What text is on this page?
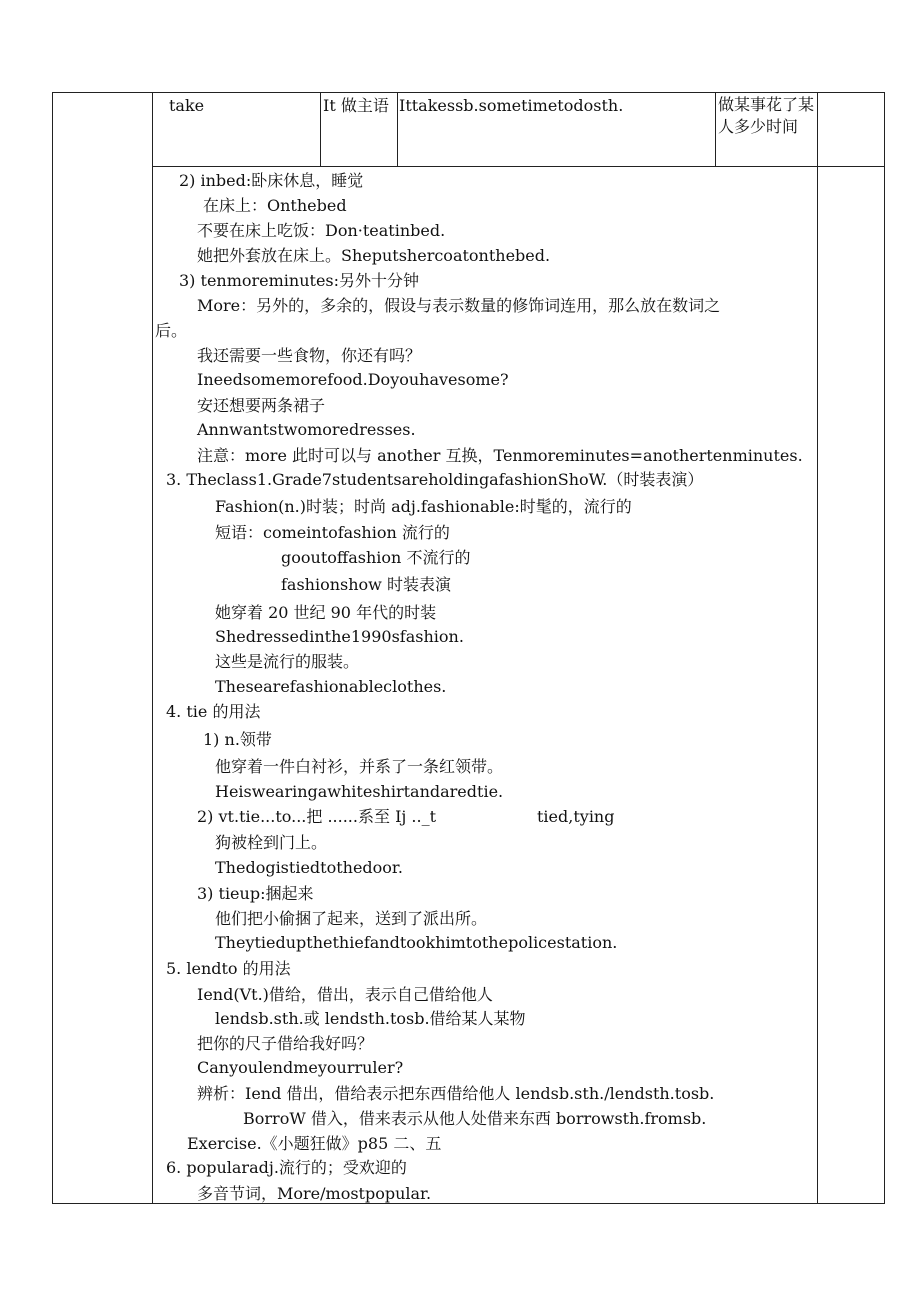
take	It 做主语 Ittakessb.sometimetodosth.	做某事花了某人多少时间
2) inbed:卧床休息，睡觉
在床上：Onthebed
不要在床上吃饭：Don·teatinbed.
她把外套放在床上。Sheputshercoatonthebed.
3) tenmoreminutes:另外十分钟
More：另外的，多余的，假设与表示数量的修饰词连用，那么放在数词之
后。
我还需要一些食物，你还有吗？
Ineedsomemorefood.Doyouhavesome?
安还想要两条裙子
Annwantstwomoredresses.
注意：more 此时可以与 another 互换，Tenmoreminutes=anothertenminutes.
3. Theclass1.Grade7studentsareholdingafashionShoW.（时装表演）
Fashion(n.)时装；时尚 adj.fashionable:时髦的，流行的
短语：comeintofashion 流行的
gooutoffashion 不流行的
fashionshow 时装表演
她穿着 20 世纪 90 年代的时装
Shedressedinthe1990sfashion.
这些是流行的服装。
Thesearefashionableclothes.
4. tie 的用法
1) n.领带
他穿着一件白衬衫，并系了一条红领带。
Heiswearingawhiteshirtandaredtie.
2) vt.tie...to...把 ......系至 Ij .._t	tied,tying
狗被栓到门上。
Thedogistiedtothedoor.
3) tieup:捆起来
他们把小偷捆了起来，送到了派出所。
Theytiedupthethiefandtookhimtothepolicestation.
5. lendto 的用法
Iend(Vt.)借给，借出，表示自己借给他人
lendsb.sth.或 lendsth.tosb.借给某人某物
把你的尺子借给我好吗？
Canyoulendmeyourruler?
辨析：Iend 借出，借给表示把东西借给他人 lendsb.sth./lendsth.tosb.
BorroW 借入，借来表示从他人处借来东西 borrowsth.fromsb.
Exercise.《小题狂做》p85 二、五
6. popularadj.流行的；受欢迎的
多音节词，More/mostpopular.
